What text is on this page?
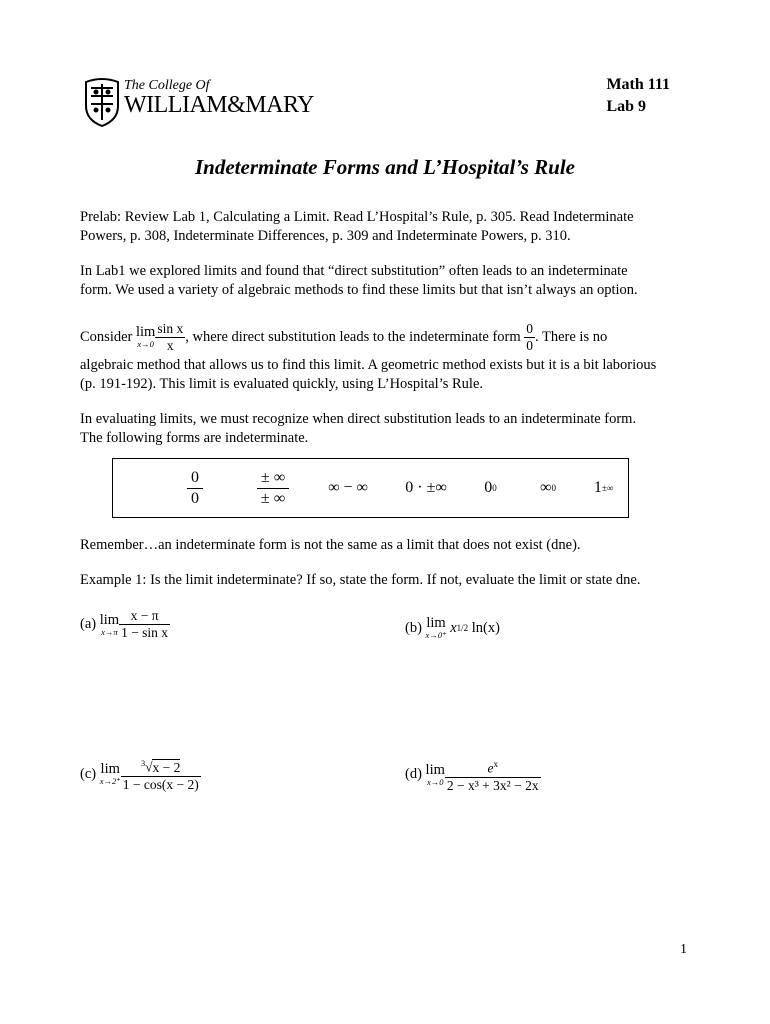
The College Of
WILLIAM&MARY
Math 111
Lab 9
Indeterminate Forms and L’Hospital’s Rule
Prelab: Review Lab 1, Calculating a Limit. Read L’Hospital’s Rule, p. 305. Read Indeterminate
Powers, p. 308, Indeterminate Differences, p. 309 and Indeterminate Powers, p. 310.
In Lab1 we explored limits and found that “direct substitution” often leads to an indeterminate
form. We used a variety of algebraic methods to find these limits but that isn’t always an option.
Consider
lim
$x\to 0 \frac{\text{sin x}}{x}$ , where direct substitution leads to the indeterminate form
$\frac{0}{0}$ . There is no
algebraic method that allows us to find this limit. A geometric method exists but it is a bit laborious
(p. 191-192). This limit is evaluated quickly, using L’Hospital’s Rule.
In evaluating limits, we must recognize when direct substitution leads to an indeterminate form.
The following forms are indeterminate.
$\frac{0}{0}$	$\frac{\pm \infty}{\pm \infty}$	∞ − ∞	0 · ±∞	0 0	∞ 0 1 ±∞
Remember…an indeterminate form is not the same as a limit that does not exist (dne).
Example 1: Is the limit indeterminate? If so, state the form. If not, evaluate the limit or state dne.
(a)
lim
$x\to\pi \frac{x - \pi}{\text{1 − sin x}}$	(b)
lim
x→0⁺
x 1/2
ln(x)
(c)
lim
$x\to 2^+ \frac{^3√x - 2}{1 - \cos(x - 2)}$	(d)
lim
$x\to 0 \frac{e^x}{\text{2 − x³ + 3x² − 2x}}$
1
